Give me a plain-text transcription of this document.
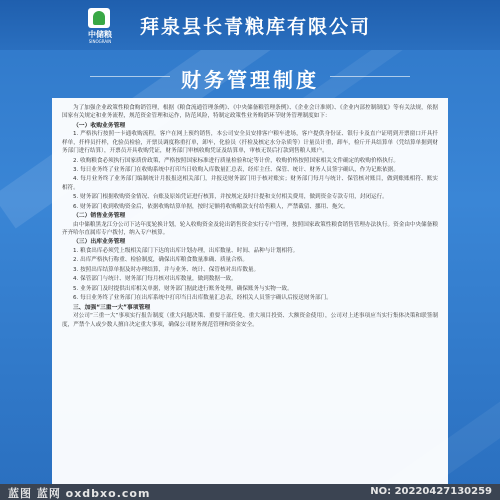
中储粮
SINOGRAIN
拜泉县长青粮库有限公司
财务管理制度

为了加强企业政策性粮食购销管理，根据《粮食流通管理条例》、《中央储备粮管理条例》、《企业会计准则》、《企业内部控制制度》等有关法规，依据国家有关规定和业务流程，规范资金管理和运作，防范风险，特制定政策性业务购销环节财务管理制度如下：

（一）收购业务管理

1. 严格执行按照一卡通收购流程，客户在网上预约销售，本公司安全员安排客户粮车进场，客户提供身份证、银行卡及直户证明到开票窗口开具扦样单，扦样员扦样，化验员检验，开票员调度称重打单，卸车，化验员（扦检及核定水分杂质等）计量员计重，卸车，检斤开具结算单（凭结算单据到财务部门进行结算），开票员开具收购凭证，财务部门审核收购凭证及结算单，审核无误后打款到售粮人账户。

2. 收购粮食必须执行国家质价政策，严格按照国家标准进行质量检验和定等计价，收购价格按照国家相关文件确定的收购价格执行。

3. 每日业务终了业务部门在收购系统中打印当日收购入库数量汇总表，经库主任、保管、统计、财务人员签字确认，作为记账依据。

4. 每月业务终了业务部门编制统计月报报送相关部门，并报送财务部门用于核对账实；财务部门每月与统计、保管核对账目，做到账账相符、账实相符。

5. 财务部门根据收购资金情况、台账及原始凭证进行核算，并按规定及时计提和支付相关费用，做到资金专款专用，封闭运行。

6. 财务部门收到收购资金后，依据收购结算单据，按时足额将收购粮款支付给售粮人，严禁截留、挪用、拖欠。

（二）销售业务管理

由中储粮黑龙江分公司下达年度轮换计划，轮入收购资金及轮出销售资金实行专户管理，按照国家政策性粮食销售管理办法执行。资金由中央储备粮齐齐哈尔直属库专户拨付，纳入专户核算。

（三）出库业务管理

1. 粮食出库必须凭上级相关部门下达的出库计划办理，出库数量、时间、品种与计划相符。

2. 出库严格执行称重、检验制度，确保出库粮食数量准确、质量合格。

3. 按照出库结算单据及时办理结算，并与业务、统计、保管核对出库数量。

4. 保管部门与统计、财务部门每月核对出库数量，做到数据一致。

5. 业务部门及时提供出库相关单据，财务部门据此进行账务处理，确保账务与实物一致。

6. 每日业务终了业务部门在出库系统中打印当日出库数量汇总表，经相关人员签字确认后报送财务部门。

三、加强“三重一大”事项管理

对公司“三重一大”事项实行报告制度（重大问题决策、重要干部任免、重大项目投资、大额资金使用），公司对上述事项应当实行集体决策和联签制度，严禁个人或少数人擅自决定重大事项，确保公司财务规范管理和资金安全。

蓝图 蓝网 oxdbxo.com	NO: 20220427130259
